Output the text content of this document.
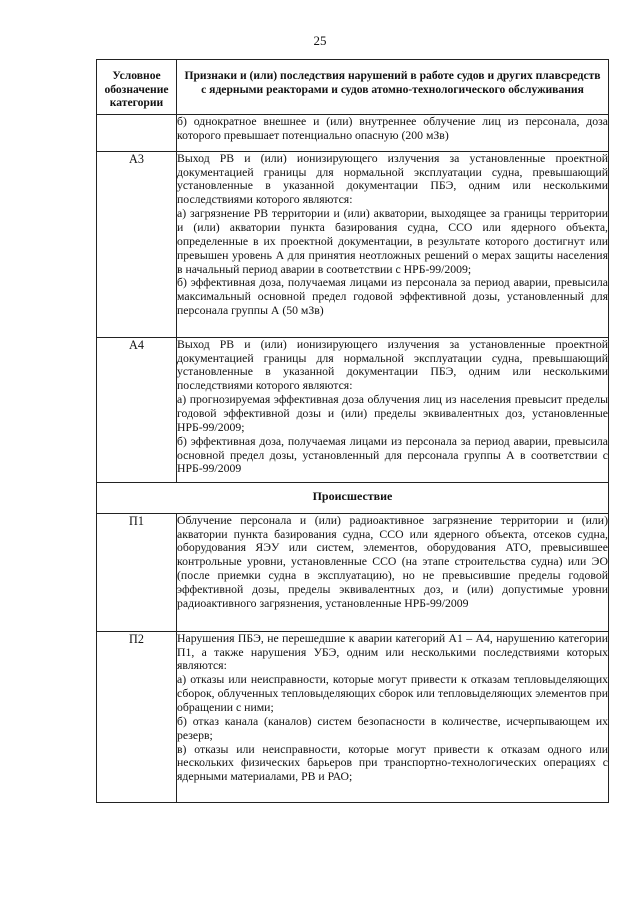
25
Условное обозначение категории	Признаки и (или) последствия нарушений в работе судов и других плавсредств с ядерными реакторами и судов атомно-технологического обслуживания

	б) однократное внешнее и (или) внутреннее облучение лиц из персонала, доза которого превышает потенциально опасную (200 мЗв)

А3	Выход РВ и (или) ионизирующего излучения за установленные проектной документацией границы для нормальной эксплуатации судна, превышающий установленные в указанной документации ПБЭ, одним или несколькими последствиями которого являются:

а) загрязнение РВ территории и (или) акватории, выходящее за границы территории и (или) акватории пункта базирования судна, ССО или ядерного объекта, определенные в их проектной документации, в результате которого достигнут или превышен уровень А для принятия неотложных решений о мерах защиты населения в начальный период аварии в соответствии с НРБ-99/2009;

б) эффективная доза, получаемая лицами из персонала за период аварии, превысила максимальный основной предел годовой эффективной дозы, установленный для персонала группы А (50 мЗв)

А4	Выход РВ и (или) ионизирующего излучения за установленные проектной документацией границы для нормальной эксплуатации судна, превышающий установленные в указанной документации ПБЭ, одним или несколькими последствиями которого являются:

а) прогнозируемая эффективная доза облучения лиц из населения превысит пределы годовой эффективной дозы и (или) пределы эквивалентных доз, установленные НРБ-99/2009;

б) эффективная доза, получаемая лицами из персонала за период аварии, превысила основной предел дозы, установленный для персонала группы А в соответствии с НРБ-99/2009

Происшествие	

П1	Облучение персонала и (или) радиоактивное загрязнение территории и (или) акватории пункта базирования судна, ССО или ядерного объекта, отсеков судна, оборудования ЯЭУ или систем, элементов, оборудования АТО, превысившее контрольные уровни, установленные ССО (на этапе строительства судна) или ЭО (после приемки судна в эксплуатацию), но не превысившие пределы годовой эффективной дозы, пределы эквивалентных доз, и (или) допустимые уровни радиоактивного загрязнения, установленные НРБ-99/2009

П2	Нарушения ПБЭ, не перешедшие к аварии категорий А1 – А4, нарушению категории П1, а также нарушения УБЭ, одним или несколькими последствиями которых являются:

а) отказы или неисправности, которые могут привести к отказам тепловыделяющих сборок, облученных тепловыделяющих сборок или тепловыделяющих элементов при обращении с ними;

б) отказ канала (каналов) систем безопасности в количестве, исчерпывающем их резерв;

в) отказы или неисправности, которые могут привести к отказам одного или нескольких физических барьеров при транспортно-технологических операциях с ядерными материалами, РВ и РАО;
